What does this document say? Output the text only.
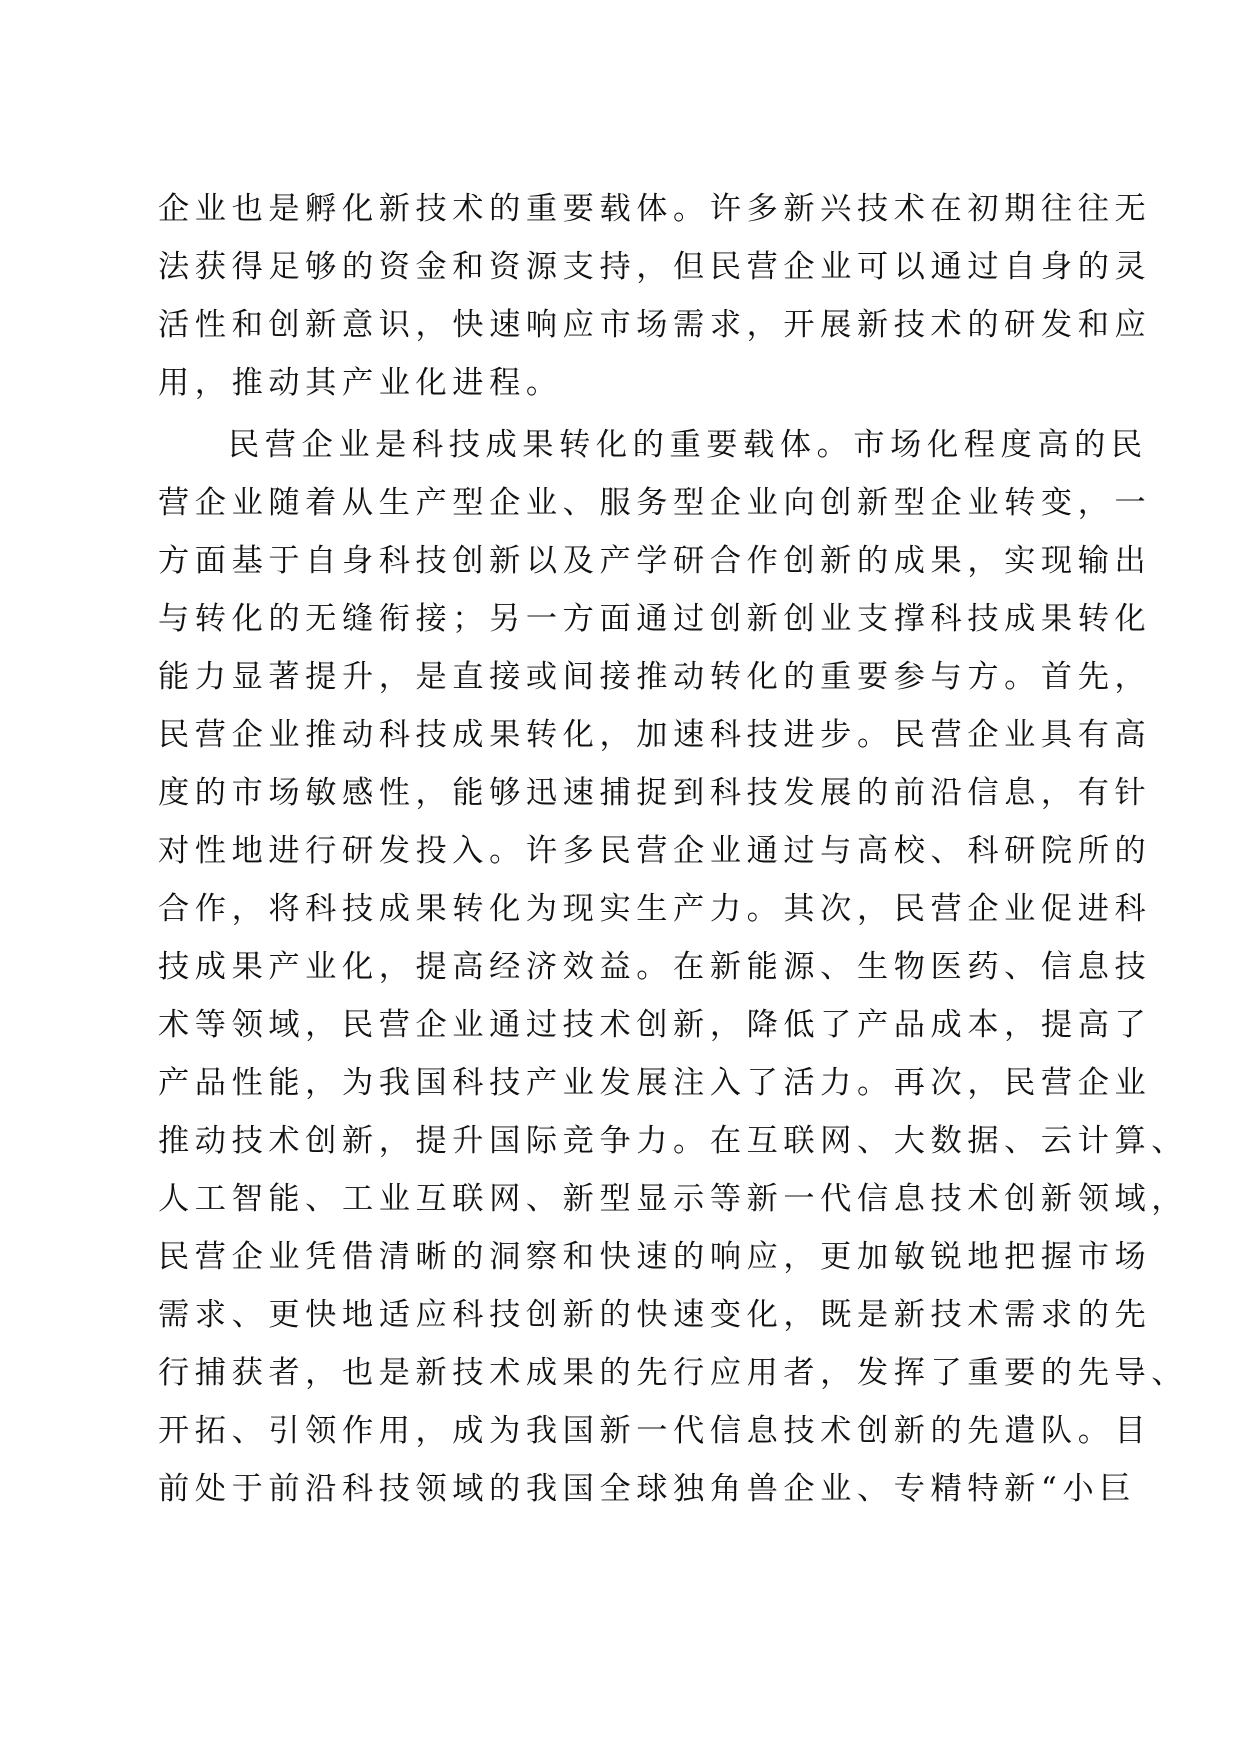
企业也是孵化新技术的重要载体。许多新兴技术在初期往往无
法获得足够的资金和资源支持，但民营企业可以通过自身的灵
活性和创新意识，快速响应市场需求，开展新技术的研发和应
用，推动其产业化进程。
民营企业是科技成果转化的重要载体。市场化程度高的民
营企业随着从生产型企业、服务型企业向创新型企业转变，一
方面基于自身科技创新以及产学研合作创新的成果，实现输出
与转化的无缝衔接；另一方面通过创新创业支撑科技成果转化
能力显著提升，是直接或间接推动转化的重要参与方。首先，
民营企业推动科技成果转化，加速科技进步。民营企业具有高
度的市场敏感性，能够迅速捕捉到科技发展的前沿信息，有针
对性地进行研发投入。许多民营企业通过与高校、科研院所的
合作，将科技成果转化为现实生产力。其次，民营企业促进科
技成果产业化，提高经济效益。在新能源、生物医药、信息技
术等领域，民营企业通过技术创新，降低了产品成本，提高了
产品性能，为我国科技产业发展注入了活力。再次，民营企业
推动技术创新，提升国际竞争力。在互联网、大数据、云计算、
人工智能、工业互联网、新型显示等新一代信息技术创新领域，
民营企业凭借清晰的洞察和快速的响应，更加敏锐地把握市场
需求、更快地适应科技创新的快速变化，既是新技术需求的先
行捕获者，也是新技术成果的先行应用者，发挥了重要的先导、
开拓、引领作用，成为我国新一代信息技术创新的先遣队。目
前处于前沿科技领域的我国全球独角兽企业、专精特新“小巨
